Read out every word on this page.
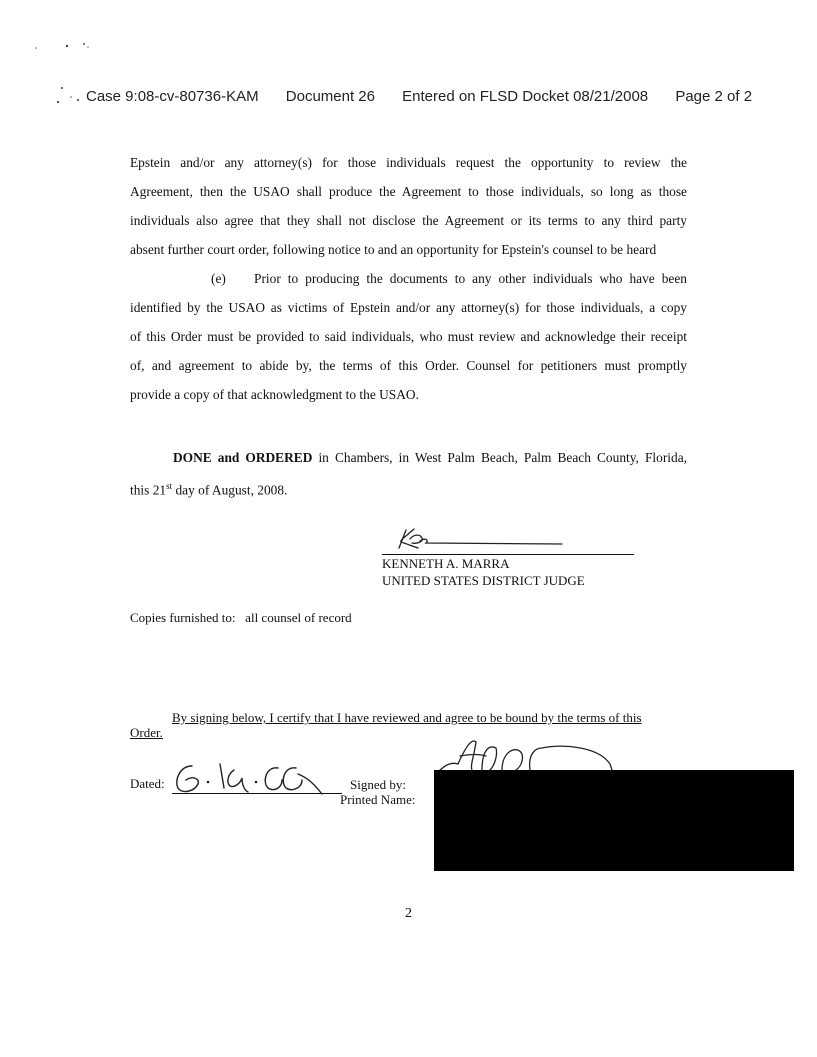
Case 9:08-cv-80736-KAM Document 26 Entered on FLSD Docket 08/21/2008 Page 2 of 2
Epstein and/or any attorney(s) for those individuals request the opportunity to review the
Agreement, then the USAO shall produce the Agreement to those individuals, so long as those
individuals also agree that they shall not disclose the Agreement or its terms to any third party
absent further court order, following notice to and an opportunity for Epstein's counsel to be heard
(e) Prior to producing the documents to any other individuals who have been
identified by the USAO as victims of Epstein and/or any attorney(s) for those individuals, a copy
of this Order must be provided to said individuals, who must review and acknowledge their receipt
of, and agreement to abide by, the terms of this Order. Counsel for petitioners must promptly
provide a copy of that acknowledgment to the USAO.
DONE and ORDERED in Chambers, in West Palm Beach, Palm Beach County, Florida,
this 21st day of August, 2008.
KENNETH A. MARRA
UNITED STATES DISTRICT JUDGE
Copies furnished to:   all counsel of record
By signing below, I certify that I have reviewed and agree to be bound by the terms of this
Order.
Dated:	Signed by:
Printed Name:
2
